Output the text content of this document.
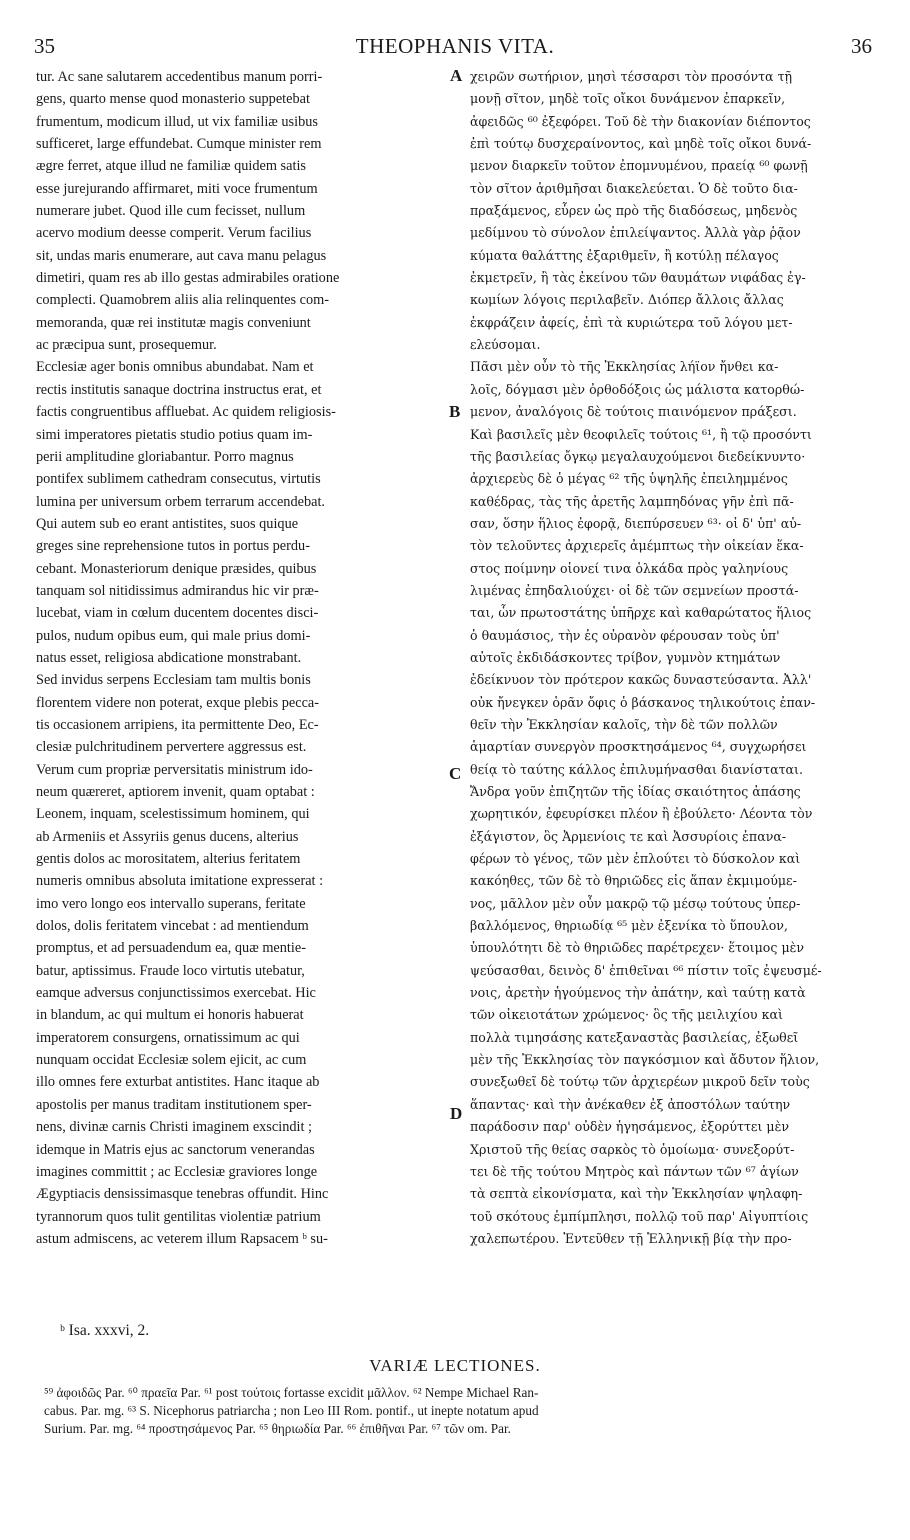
35	THEOPHANIS VITA.	36
tur. Ac sane salutarem accedentibus manum porri-
gens, quarto mense quod monasterio suppetebat
frumentum, modicum illud, ut vix familiæ usibus
sufficeret, large effundebat. Cumque minister rem
ægre ferret, atque illud ne familiæ quidem satis
esse jurejurando affirmaret, miti voce frumentum
numerare jubet. Quod ille cum fecisset, nullum
acervo modium deesse comperit. Verum facilius
sit, undas maris enumerare, aut cava manu pelagus
dimetiri, quam res ab illo gestas admirabiles oratione
complecti. Quamobrem aliis alia relinquentes com-
memoranda, quæ rei institutæ magis conveniunt
ac præcipua sunt, prosequemur.
Ecclesiæ ager bonis omnibus abundabat. Nam et
rectis institutis sanaque doctrina instructus erat, et
factis congruentibus affluebat. Ac quidem religiosis-
simi imperatores pietatis studio potius quam im-
perii amplitudine gloriabantur. Porro magnus
pontifex sublimem cathedram consecutus, virtutis
lumina per universum orbem terrarum accendebat.
Qui autem sub eo erant antistites, suos quique
greges sine reprehensione tutos in portus perdu-
cebant. Monasteriorum denique præsides, quibus
tanquam sol nitidissimus admirandus hic vir præ-
lucebat, viam in cœlum ducentem docentes disci-
pulos, nudum opibus eum, qui male prius domi-
natus esset, religiosa abdicatione monstrabant.
Sed invidus serpens Ecclesiam tam multis bonis
florentem videre non poterat, exque plebis pecca-
tis occasionem arripiens, ita permittente Deo, Ec-
clesiæ pulchritudinem pervertere aggressus est.
Verum cum propriæ perversitatis ministrum ido-
neum quæreret, aptiorem invenit, quam optabat :
Leonem, inquam, scelestissimum hominem, qui
ab Armeniis et Assyriis genus ducens, alterius
gentis dolos ac morositatem, alterius feritatem
numeris omnibus absoluta imitatione expresserat :
imo vero longo eos intervallo superans, feritate
dolos, dolis feritatem vincebat : ad mentiendum
promptus, et ad persuadendum ea, quæ mentie-
batur, aptissimus. Fraude loco virtutis utebatur,
eamque adversus conjunctissimos exercebat. Hic
in blandum, ac qui multum ei honoris habuerat
imperatorem consurgens, ornatissimum ac qui
nunquam occidat Ecclesiæ solem ejicit, ac cum
illo omnes fere exturbat antistites. Hanc itaque ab
apostolis per manus traditam institutionem sper-
nens, divinæ carnis Christi imaginem exscindit ;
idemque in Matris ejus ac sanctorum venerandas
imagines committit ; ac Ecclesiæ graviores longe
Ægyptiacis densissimasque tenebras offundit. Hinc
tyrannorum quos tulit gentilitas violentiæ patrium
astum admiscens, ac veterem illum Rapsacem ᵇ su-
A
B
C
D
χειρῶν σωτήριον, μησὶ τέσσαρσι τὸν προσόντα τῇ
μονῇ σῖτον, μηδὲ τοῖς οἴκοι δυνάμενον ἐπαρκεῖν,
ἀφειδῶς ⁶⁰ ἐξεφόρει. Τοῦ δὲ τὴν διακονίαν διέποντος
ἐπὶ τούτῳ δυσχεραίνοντος, καὶ μηδὲ τοῖς οἴκοι δυνά-
μενον διαρκεῖν τοῦτον ἐπομνυμένου, πραείᾳ ⁶⁰ φωνῇ
τὸν σῖτον ἀριθμῆσαι διακελεύεται. Ὁ δὲ τοῦτο δια-
πραξάμενος, εὗρεν ὡς πρὸ τῆς διαδόσεως, μηδενὸς
μεδίμνου τὸ σύνολον ἐπιλείψαντος. Ἀλλὰ γὰρ ῥᾷον
κύματα θαλάττης ἐξαριθμεῖν, ἢ κοτύλῃ πέλαγος
ἐκμετρεῖν, ἢ τὰς ἐκείνου τῶν θαυμάτων νιφάδας ἐγ-
κωμίων λόγοις περιλαβεῖν. Διόπερ ἄλλοις ἄλλας
ἐκφράζειν ἀφείς, ἐπὶ τὰ κυριώτερα τοῦ λόγου μετ-
ελεύσομαι.
Πᾶσι μὲν οὖν τὸ τῆς Ἐκκλησίας λήϊον ἤνθει κα-
λοῖς, δόγμασι μὲν ὀρθοδόξοις ὡς μάλιστα κατορθώ-
μενον, ἀναλόγοις δὲ τούτοις πιαινόμενον πράξεσι.
Καὶ βασιλεῖς μὲν θεοφιλεῖς τούτοις ⁶¹, ἢ τῷ προσόντι
τῆς βασιλείας ὄγκῳ μεγαλαυχούμενοι διεδείκνυντο·
ἀρχιερεὺς δὲ ὁ μέγας ⁶² τῆς ὑψηλῆς ἐπειλημμένος
καθέδρας, τὰς τῆς ἀρετῆς λαμπηδόνας γῆν ἐπὶ πᾶ-
σαν, ὅσην ἥλιος ἐφορᾷ, διεπύρσευεν ⁶³· οἱ δ' ὑπ' αὐ-
τὸν τελοῦντες ἀρχιερεῖς ἀμέμπτως τὴν οἰκείαν ἕκα-
στος ποίμνην οἱονεί τινα ὁλκάδα πρὸς γαληνίους
λιμένας ἐπηδαλιούχει· οἱ δὲ τῶν σεμνείων προστά-
ται, ὧν πρωτοστάτης ὑπῆρχε καὶ καθαρώτατος ἥλιος
ὁ θαυμάσιος, τὴν ἐς οὐρανὸν φέρουσαν τοὺς ὑπ'
αὐτοῖς ἐκδιδάσκοντες τρίβον, γυμνὸν κτημάτων
ἐδείκνυον τὸν πρότερον κακῶς δυναστεύσαντα. Ἀλλ'
οὐκ ἤνεγκεν ὁρᾶν ὄφις ὁ βάσκανος τηλικούτοις ἐπαν-
θεῖν τὴν Ἐκκλησίαν καλοῖς, τὴν δὲ τῶν πολλῶν
ἁμαρτίαν συνεργὸν προσκτησάμενος ⁶⁴, συγχωρήσει
θείᾳ τὸ ταύτης κάλλος ἐπιλυμήνασθαι διανίσταται.
Ἄνδρα γοῦν ἐπιζητῶν τῆς ἰδίας σκαιότητος ἀπάσης
χωρητικόν, ἐφευρίσκει πλέον ἢ ἐβούλετο· Λέοντα τὸν
ἐξάγιστον, ὃς Ἀρμενίοις τε καὶ Ἀσσυρίοις ἐπανα-
φέρων τὸ γένος, τῶν μὲν ἐπλούτει τὸ δύσκολον καὶ
κακόηθες, τῶν δὲ τὸ θηριῶδες εἰς ἅπαν ἐκμιμούμε-
νος, μᾶλλον μὲν οὖν μακρῷ τῷ μέσῳ τούτους ὑπερ-
βαλλόμενος, θηριωδίᾳ ⁶⁵ μὲν ἐξενίκα τὸ ὕπουλον,
ὑπουλότητι δὲ τὸ θηριῶδες παρέτρεχεν· ἕτοιμος μὲν
ψεύσασθαι, δεινὸς δ' ἐπιθεῖναι ⁶⁶ πίστιν τοῖς ἐψευσμέ-
νοις, ἀρετὴν ἡγούμενος τὴν ἀπάτην, καὶ ταύτῃ κατὰ
τῶν οἰκειοτάτων χρώμενος· ὃς τῆς μειλιχίου καὶ
πολλὰ τιμησάσης κατεξαναστὰς βασιλείας, ἐξωθεῖ
μὲν τῆς Ἐκκλησίας τὸν παγκόσμιον καὶ ἄδυτον ἥλιον,
συνεξωθεῖ δὲ τούτῳ τῶν ἀρχιερέων μικροῦ δεῖν τοὺς
ἅπαντας· καὶ τὴν ἀνέκαθεν ἐξ ἀποστόλων ταύτην
παράδοσιν παρ' οὐδὲν ἡγησάμενος, ἐξορύττει μὲν
Χριστοῦ τῆς θείας σαρκὸς τὸ ὁμοίωμα· συνεξορύτ-
τει δὲ τῆς τούτου Μητρὸς καὶ πάντων τῶν ⁶⁷ ἁγίων
τὰ σεπτὰ εἰκονίσματα, καὶ τὴν Ἐκκλησίαν ψηλαφη-
τοῦ σκότους ἐμπίμπλησι, πολλῷ τοῦ παρ' Αἰγυπτίοις
χαλεπωτέρου. Ἐντεῦθεν τῇ Ἑλληνικῇ βίᾳ τὴν προ-
ᵇ Isa. xxxvi, 2.
VARIÆ LECTIONES.
⁵⁹ ἀφοιδῶς Par. ⁶⁰ πραεῖα Par. ⁶¹ post τούτοις fortasse excidit μᾶλλον. ⁶² Nempe Michael Ran-
cabus. Par. mg. ⁶³ S. Nicephorus patriarcha ; non Leo III Rom. pontif., ut inepte notatum apud
Surium. Par. mg. ⁶⁴ προστησάμενος Par. ⁶⁵ θηριωδία Par. ⁶⁶ ἐπιθῆναι Par. ⁶⁷ τῶν om. Par.
